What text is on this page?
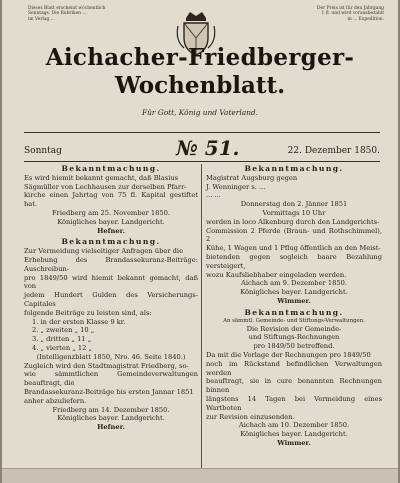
Dieses Blatt erscheint wöchentlich
Sonntags. Die Rubriken ...
im Verlag ...
Der Preis ist für den Jahrgang
1 fl. und wird vorausbezahlt
in ... Expedition.
Aichacher-Friedberger-
Wochenblatt.
Für Gott, König und Vaterland.
Sonntag	№ 51.	22. Dezember 1850.

Bekanntmachung.

Es wird hiemit bekannt gemacht, daß Blasius

Sägmüller von Lechhausen zur derselben Pfarr-

kirche einen Jahrtag von 75 fl. Kapital gestiftet hat.

Friedberg am 25. November 1850.

Königliches bayer. Landgericht.

Hefner.

Bekanntmachung.

Zur Vermeidung vielseitiger Anfragen über die

Erhebung des Brandassekuranz-Beiträge: Auschreibun-

pro 1849/50 wird hiemit bekannt gemacht, daß von

jedem Hundert Gulden des Versicherungs-Capitales

folgende Beiträge zu leisten sind, als:

1. in der ersten Klasse 9 kr.

2. „ zweiten „ 10 „

3. „ dritten „ 11 „

4. „ vierten „ 12 „

(Intelligenzblatt 1850, Nro. 46. Seite 1840.)

Zugleich wird den Stadtmagistrat Friedberg, so-

wie sämmtlichen Gemeindeverwaltungen beauftragt, die

Brandassekuranz-Beiträge bis ersten Jannar 1851

anher abzuliefern.

Friedberg am 14. Dezember 1850.

Königliches bayer. Landgericht.

Hefner.

Bekanntmachung.

Magistrat Augsburg gegen

J. Wenninger s. ...

... ...

Donnerstag den 2. Jänner 1851

Vormittags 10 Uhr

werden in loco Alkenburg durch den Landgerichts-

Commission 2 Pferde (Braun- und Rothschimmel), 2

Kühe, 1 Wagen und 1 Pflug öffentlich an den Meist-

bietenden gegen sogleich baare Bezahlung versteigert,

wozu Kaufsliebhaber eingeladen werden.

Aichach am 9. Dezember 1850.

Königliches bayer. Landgericht.

Wimmer.

Bekanntmachung.

An sämmtl. Gemeinde- und Stiftungs-Verwaltungen.

Die Revision der Gemeinde-

und Stiftungs-Rechnungen

pro 1849/50 betreffend.

Da mit die Vorlage der Rechnungen pro 1849/50

noch im Rückstand befindlichen Verwaltungen werden

beauftragt, sie in cure benannten Rechnungen binnen

längstens 14 Tagen bei Vermeidung eines Wartboten

zur Revision einzusenden.

Aichach am 10. Dezember 1850.

Königliches bayer. Landgericht.

Wimmer.
